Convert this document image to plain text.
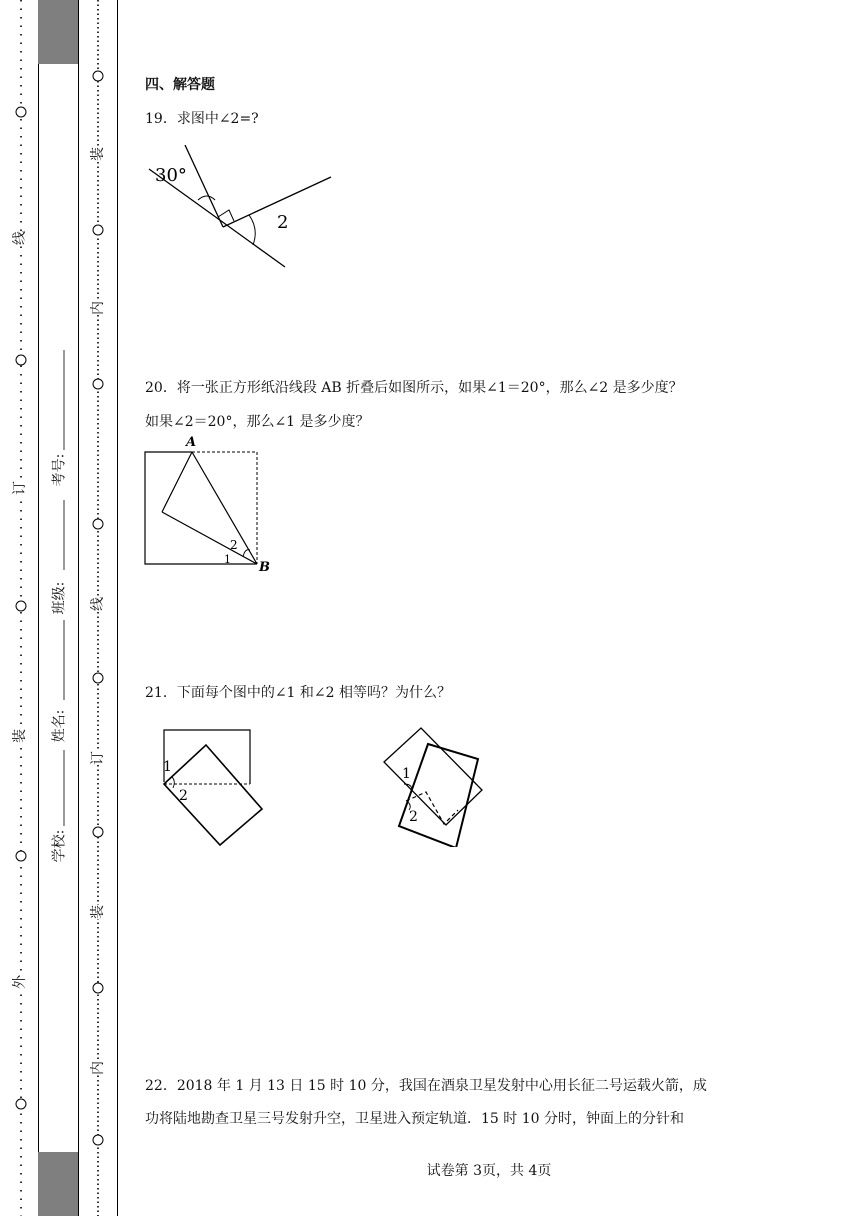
线
订
装
外
考号:
班级:
姓名:
学校:
装
内
线
订
装
内
四、解答题
19．求图中∠2=?
30°
2
20．将一张正方形纸沿线段 AB 折叠后如图所示，如果∠1＝20°，那么∠2 是多少度？
如果∠2＝20°，那么∠1 是多少度？
A
B
2
1
21．下面每个图中的∠1 和∠2 相等吗？为什么？
1
2
1
2
22．2018 年 1 月 13 日 15 时 10 分，我国在酒泉卫星发射中心用长征二号运载火箭，成
功将陆地勘查卫星三号发射升空，卫星进入预定轨道．15 时 10 分时，钟面上的分针和
试卷第 3页，共 4页
